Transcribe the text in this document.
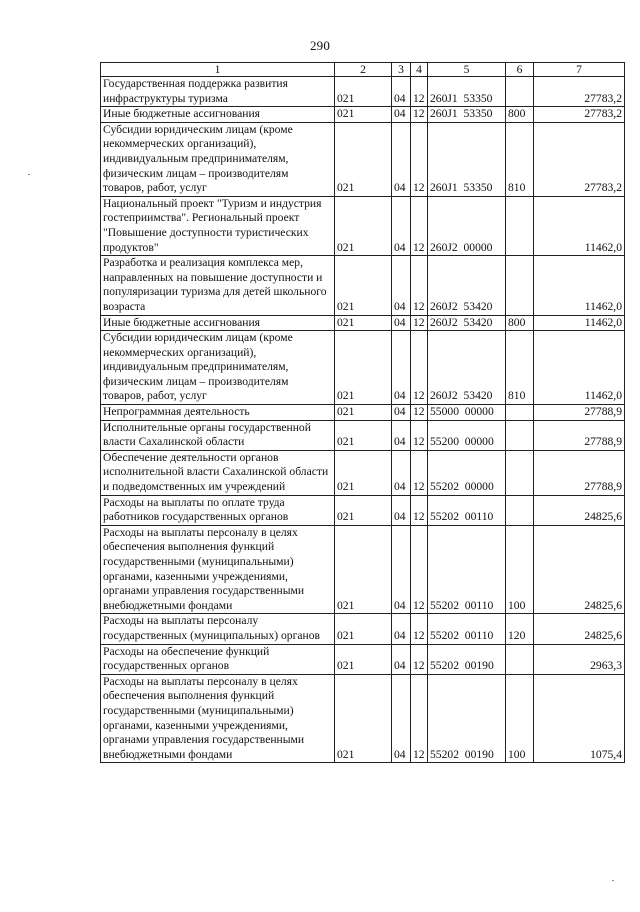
290
1	2	3	4	5	6	7
Государственная поддержка развития инфраструктуры туризма	021	04	12	260J1  53350		27783,2
Иные бюджетные ассигнования	021	04	12	260J1  53350	800	27783,2
Субсидии юридическим лицам (кроме некоммерческих организаций), индивидуальным предпринимателям, физическим лицам – производителям товаров, работ, услуг	021	04	12	260J1  53350	810	27783,2
Национальный проект "Туризм и индустрия гостеприимства". Региональный проект "Повышение доступности туристических продуктов"	021	04	12	260J2  00000		11462,0
Разработка и реализация комплекса мер, направленных на повышение доступности и популяризации туризма для детей школьного возраста	021	04	12	260J2  53420		11462,0
Иные бюджетные ассигнования	021	04	12	260J2  53420	800	11462,0
Субсидии юридическим лицам (кроме некоммерческих организаций), индивидуальным предпринимателям, физическим лицам – производителям товаров, работ, услуг	021	04	12	260J2  53420	810	11462,0
Непрограммная деятельность	021	04	12	55000  00000		27788,9
Исполнительные органы государственной власти Сахалинской области	021	04	12	55200  00000		27788,9
Обеспечение деятельности органов исполнительной власти Сахалинской области и подведомственных им учреждений	021	04	12	55202  00000		27788,9
Расходы на выплаты по оплате труда работников государственных органов	021	04	12	55202  00110		24825,6
Расходы на выплаты персоналу в целях обеспечения выполнения функций государственными (муниципальными) органами, казенными учреждениями, органами управления государственными внебюджетными фондами	021	04	12	55202  00110	100	24825,6
Расходы на выплаты персоналу государственных (муниципальных) органов	021	04	12	55202  00110	120	24825,6
Расходы на обеспечение функций государственных органов	021	04	12	55202  00190		2963,3
Расходы на выплаты персоналу в целях обеспечения выполнения функций государственными (муниципальными) органами, казенными учреждениями, органами управления государственными внебюджетными фондами	021	04	12	55202  00190	100	1075,4
